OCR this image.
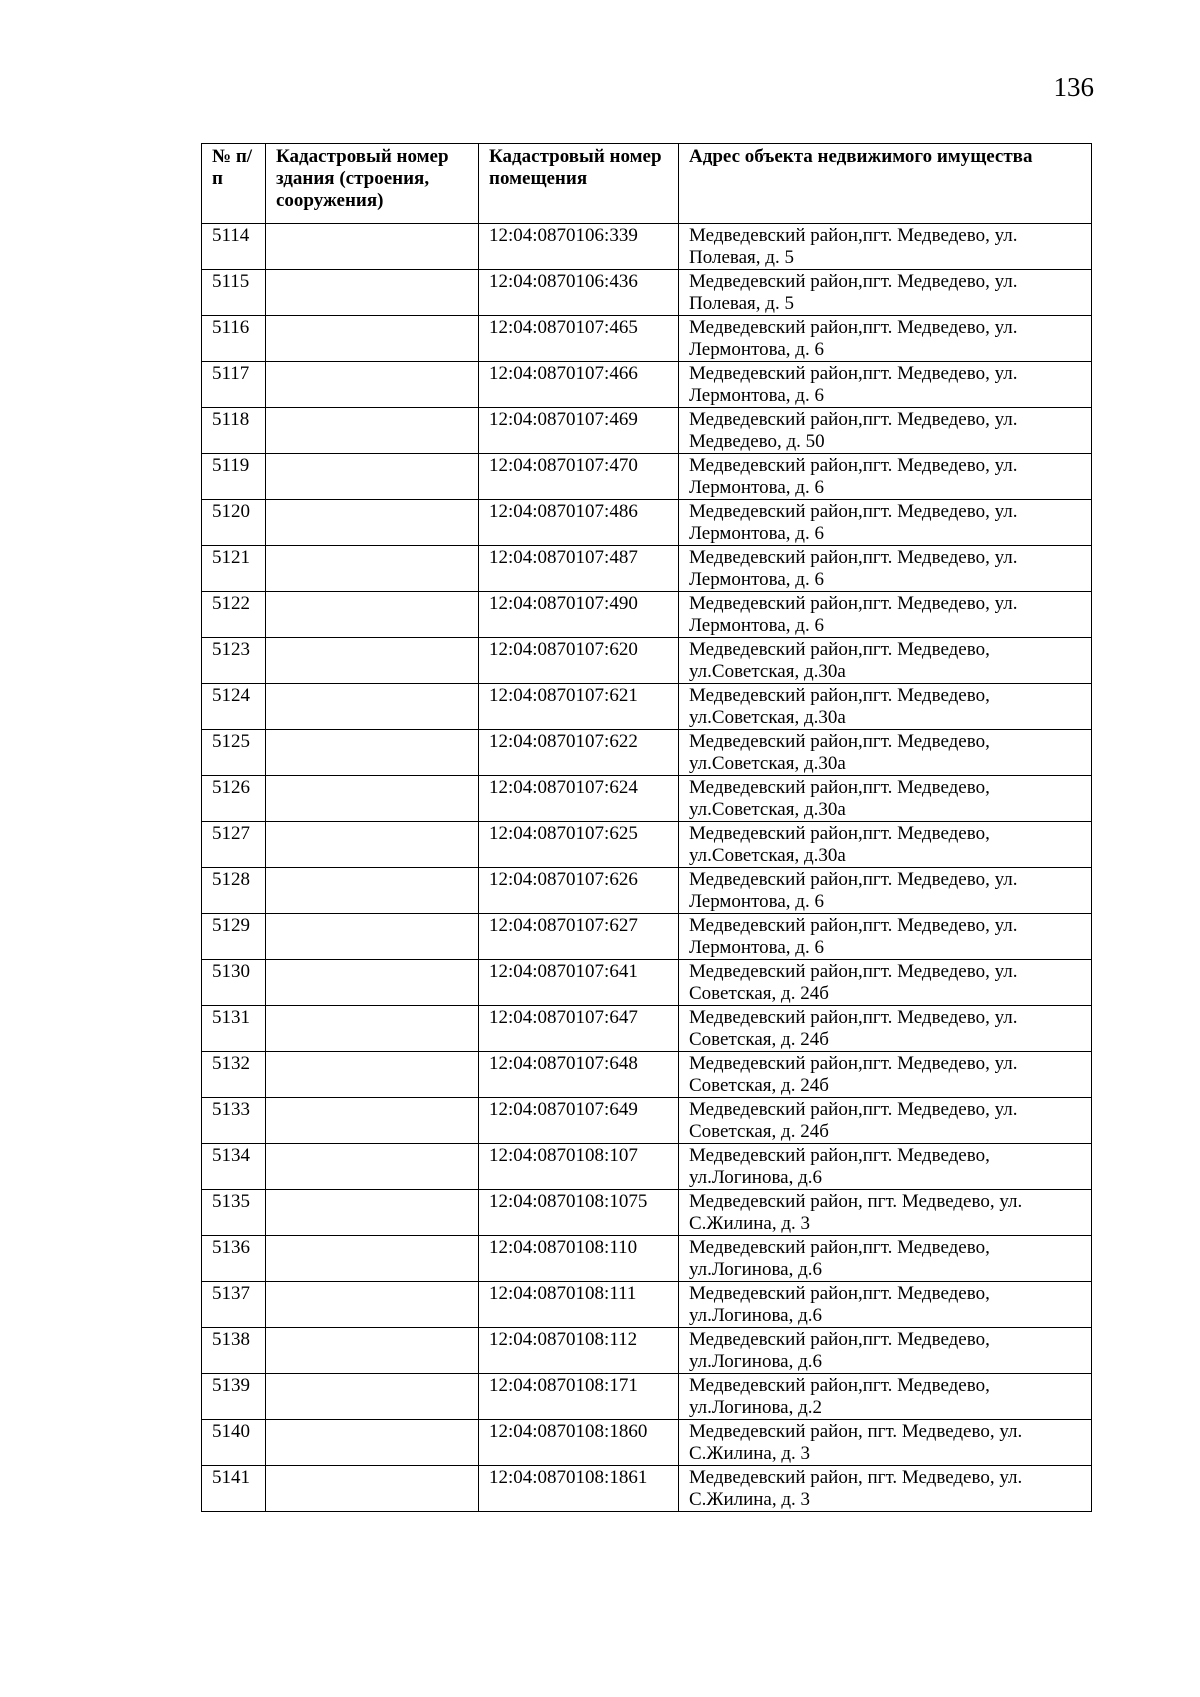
136
№ п/п	Кадастровый номер здания (строения, сооружения)	Кадастровый номер помещения	Адрес объекта недвижимого имущества
5114		12:04:0870106:339	Медведевский район,пгт. Медведево, ул. Полевая, д. 5
5115		12:04:0870106:436	Медведевский район,пгт. Медведево, ул. Полевая, д. 5
5116		12:04:0870107:465	Медведевский район,пгт. Медведево, ул. Лермонтова, д. 6
5117		12:04:0870107:466	Медведевский район,пгт. Медведево, ул. Лермонтова, д. 6
5118		12:04:0870107:469	Медведевский район,пгт. Медведево, ул. Медведево, д. 50
5119		12:04:0870107:470	Медведевский район,пгт. Медведево, ул. Лермонтова, д. 6
5120		12:04:0870107:486	Медведевский район,пгт. Медведево, ул. Лермонтова, д. 6
5121		12:04:0870107:487	Медведевский район,пгт. Медведево, ул. Лермонтова, д. 6
5122		12:04:0870107:490	Медведевский район,пгт. Медведево, ул. Лермонтова, д. 6
5123		12:04:0870107:620	Медведевский район,пгт. Медведево, ул.Советская, д.30а
5124		12:04:0870107:621	Медведевский район,пгт. Медведево, ул.Советская, д.30а
5125		12:04:0870107:622	Медведевский район,пгт. Медведево, ул.Советская, д.30а
5126		12:04:0870107:624	Медведевский район,пгт. Медведево, ул.Советская, д.30а
5127		12:04:0870107:625	Медведевский район,пгт. Медведево, ул.Советская, д.30а
5128		12:04:0870107:626	Медведевский район,пгт. Медведево, ул. Лермонтова, д. 6
5129		12:04:0870107:627	Медведевский район,пгт. Медведево, ул. Лермонтова, д. 6
5130		12:04:0870107:641	Медведевский район,пгт. Медведево, ул. Советская, д. 24б
5131		12:04:0870107:647	Медведевский район,пгт. Медведево, ул. Советская, д. 24б
5132		12:04:0870107:648	Медведевский район,пгт. Медведево, ул. Советская, д. 24б
5133		12:04:0870107:649	Медведевский район,пгт. Медведево, ул. Советская, д. 24б
5134		12:04:0870108:107	Медведевский район,пгт. Медведево, ул.Логинова, д.6
5135		12:04:0870108:1075	Медведевский район, пгт. Медведево, ул. С.Жилина, д. 3
5136		12:04:0870108:110	Медведевский район,пгт. Медведево, ул.Логинова, д.6
5137		12:04:0870108:111	Медведевский район,пгт. Медведево, ул.Логинова, д.6
5138		12:04:0870108:112	Медведевский район,пгт. Медведево, ул.Логинова, д.6
5139		12:04:0870108:171	Медведевский район,пгт. Медведево, ул.Логинова, д.2
5140		12:04:0870108:1860	Медведевский район, пгт. Медведево, ул. С.Жилина, д. 3
5141		12:04:0870108:1861	Медведевский район, пгт. Медведево, ул. С.Жилина, д. 3
